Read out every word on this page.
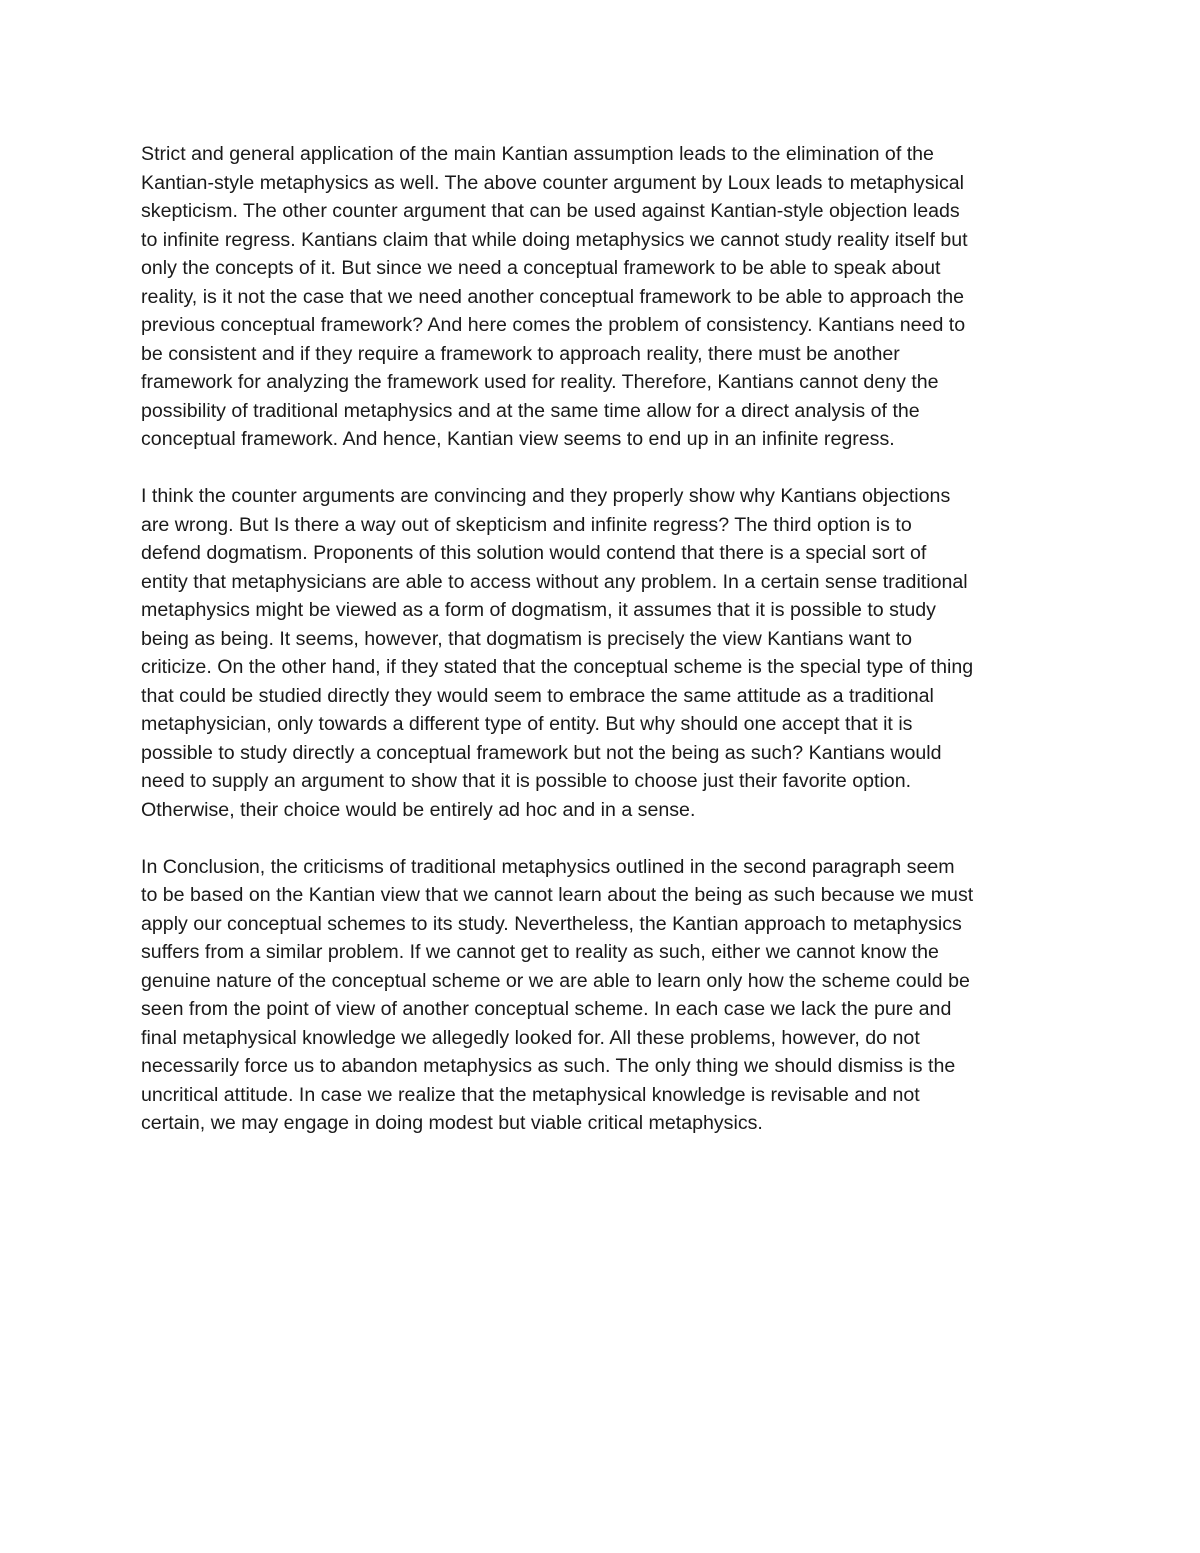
Strict and general application of the main Kantian assumption leads to the elimination of the
Kantian-style metaphysics as well. The above counter argument by Loux leads to metaphysical
skepticism. The other counter argument that can be used against Kantian-style objection leads
to infinite regress. Kantians claim that while doing metaphysics we cannot study reality itself but
only the concepts of it. But since we need a conceptual framework to be able to speak about
reality, is it not the case that we need another conceptual framework to be able to approach the
previous conceptual framework? And here comes the problem of consistency. Kantians need to
be consistent and if they require a framework to approach reality, there must be another
framework for analyzing the framework used for reality. Therefore, Kantians cannot deny the
possibility of traditional metaphysics and at the same time allow for a direct analysis of the
conceptual framework. And hence, Kantian view seems to end up in an infinite regress.

I think the counter arguments are convincing and they properly show why Kantians objections
are wrong. But Is there a way out of skepticism and infinite regress? The third option is to
defend dogmatism. Proponents of this solution would contend that there is a special sort of
entity that metaphysicians are able to access without any problem. In a certain sense traditional
metaphysics might be viewed as a form of dogmatism, it assumes that it is possible to study
being as being. It seems, however, that dogmatism is precisely the view Kantians want to
criticize. On the other hand, if they stated that the conceptual scheme is the special type of thing
that could be studied directly they would seem to embrace the same attitude as a traditional
metaphysician, only towards a different type of entity. But why should one accept that it is
possible to study directly a conceptual framework but not the being as such? Kantians would
need to supply an argument to show that it is possible to choose just their favorite option.
Otherwise, their choice would be entirely ad hoc and in a sense.

In Conclusion, the criticisms of traditional metaphysics outlined in the second paragraph seem
to be based on the Kantian view that we cannot learn about the being as such because we must
apply our conceptual schemes to its study. Nevertheless, the Kantian approach to metaphysics
suffers from a similar problem. If we cannot get to reality as such, either we cannot know the
genuine nature of the conceptual scheme or we are able to learn only how the scheme could be
seen from the point of view of another conceptual scheme. In each case we lack the pure and
final metaphysical knowledge we allegedly looked for. All these problems, however, do not
necessarily force us to abandon metaphysics as such. The only thing we should dismiss is the
uncritical attitude. In case we realize that the metaphysical knowledge is revisable and not
certain, we may engage in doing modest but viable critical metaphysics.
